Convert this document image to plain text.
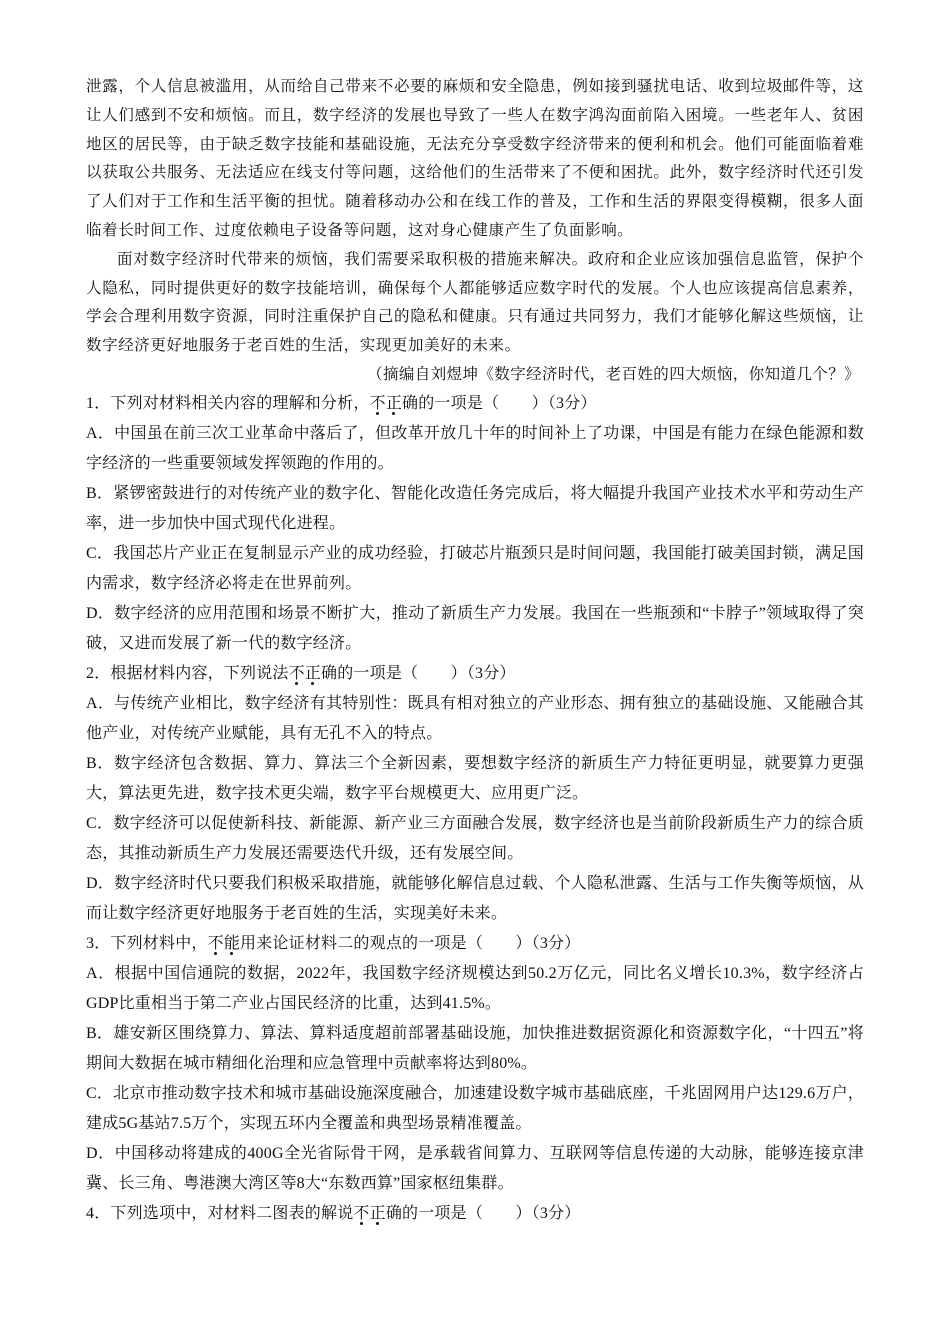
泄露，个人信息被滥用，从而给自己带来不必要的麻烦和安全隐患，例如接到骚扰电话、收到垃圾邮件等，这让人们感到不安和烦恼。而且，数字经济的发展也导致了一些人在数字鸿沟面前陷入困境。一些老年人、贫困地区的居民等，由于缺乏数字技能和基础设施，无法充分享受数字经济带来的便利和机会。他们可能面临着难以获取公共服务、无法适应在线支付等问题，这给他们的生活带来了不便和困扰。此外，数字经济时代还引发了人们对于工作和生活平衡的担忧。随着移动办公和在线工作的普及，工作和生活的界限变得模糊，很多人面临着长时间工作、过度依赖电子设备等问题，这对身心健康产生了负面影响。

面对数字经济时代带来的烦恼，我们需要采取积极的措施来解决。政府和企业应该加强信息监管，保护个人隐私，同时提供更好的数字技能培训，确保每个人都能够适应数字时代的发展。个人也应该提高信息素养，学会合理利用数字资源，同时注重保护自己的隐私和健康。只有通过共同努力，我们才能够化解这些烦恼，让数字经济更好地服务于老百姓的生活，实现更加美好的未来。

（摘编自刘煜坤《数字经济时代，老百姓的四大烦恼，你知道几个？》

1．下列对材料相关内容的理解和分析，不正确的一项是（　　）（3分）

A．中国虽在前三次工业革命中落后了，但改革开放几十年的时间补上了功课，中国是有能力在绿色能源和数字经济的一些重要领域发挥领跑的作用的。

B．紧锣密鼓进行的对传统产业的数字化、智能化改造任务完成后，将大幅提升我国产业技术水平和劳动生产率，进一步加快中国式现代化进程。

C．我国芯片产业正在复制显示产业的成功经验，打破芯片瓶颈只是时间问题，我国能打破美国封锁，满足国内需求，数字经济必将走在世界前列。

D．数字经济的应用范围和场景不断扩大，推动了新质生产力发展。我国在一些瓶颈和“卡脖子”领域取得了突破，又进而发展了新一代的数字经济。

2．根据材料内容，下列说法不正确的一项是（　　）（3分）

A．与传统产业相比，数字经济有其特别性：既具有相对独立的产业形态、拥有独立的基础设施、又能融合其他产业，对传统产业赋能，具有无孔不入的特点。

B．数字经济包含数据、算力、算法三个全新因素，要想数字经济的新质生产力特征更明显，就要算力更强大，算法更先进，数字技术更尖端，数字平台规模更大、应用更广泛。

C．数字经济可以促使新科技、新能源、新产业三方面融合发展，数字经济也是当前阶段新质生产力的综合质态，其推动新质生产力发展还需要迭代升级，还有发展空间。

D．数字经济时代只要我们积极采取措施，就能够化解信息过载、个人隐私泄露、生活与工作失衡等烦恼，从而让数字经济更好地服务于老百姓的生活，实现美好未来。

3．下列材料中，不能用来论证材料二的观点的一项是（　　）（3分）

A．根据中国信通院的数据，2022年，我国数字经济规模达到50.2万亿元，同比名义增长10.3%，数字经济占GDP比重相当于第二产业占国民经济的比重，达到41.5%。

B．雄安新区围绕算力、算法、算料适度超前部署基础设施，加快推进数据资源化和资源数字化，“十四五”将期间大数据在城市精细化治理和应急管理中贡献率将达到80%。

C．北京市推动数字技术和城市基础设施深度融合，加速建设数字城市基础底座，千兆固网用户达129.6万户，建成5G基站7.5万个，实现五环内全覆盖和典型场景精准覆盖。

D．中国移动将建成的400G全光省际骨干网，是承载省间算力、互联网等信息传递的大动脉，能够连接京津冀、长三角、粤港澳大湾区等8大“东数西算”国家枢纽集群。

4．下列选项中，对材料二图表的解说不正确的一项是（　　）（3分）
